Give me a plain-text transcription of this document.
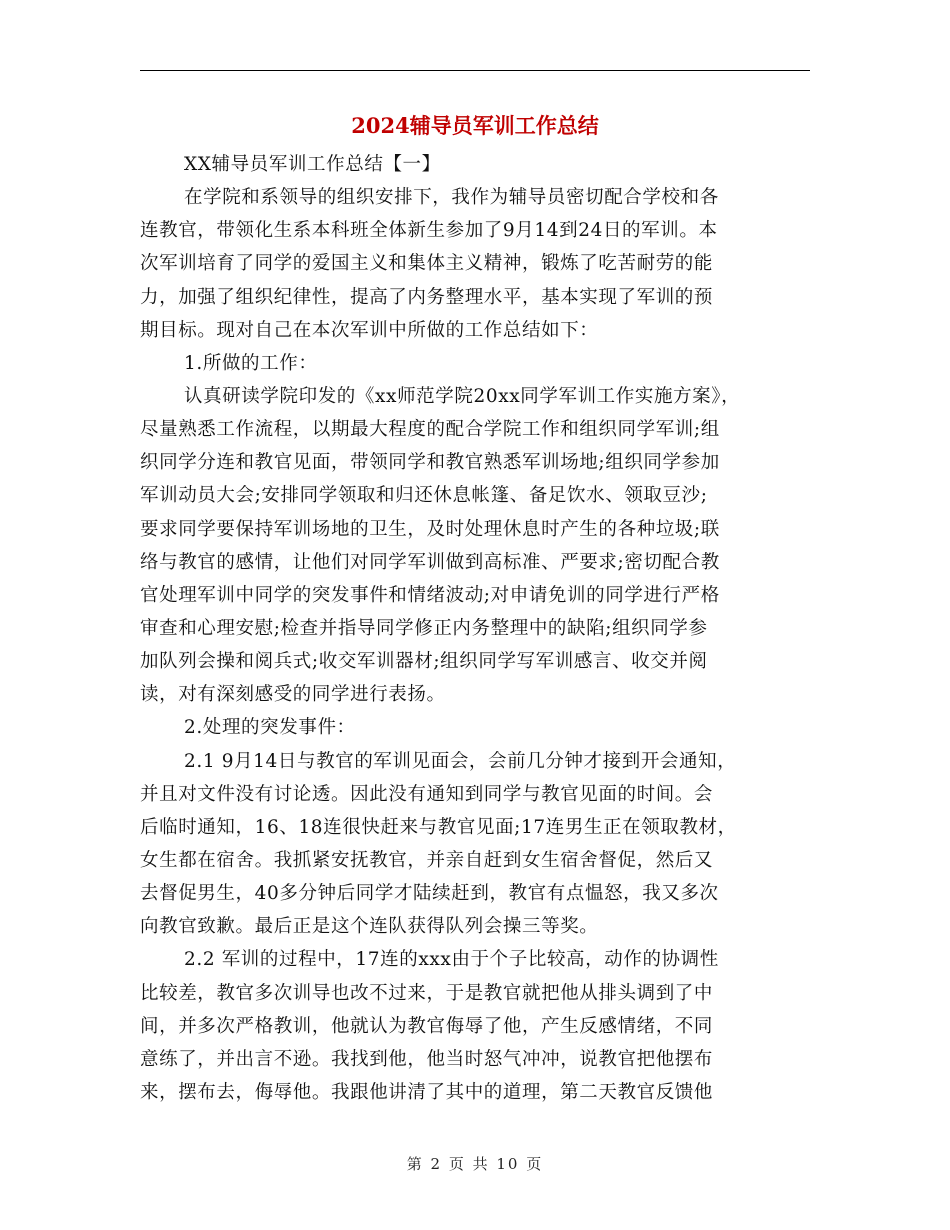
2024辅导员军训工作总结
XX辅导员军训工作总结【一】
在学院和系领导的组织安排下，我作为辅导员密切配合学校和各
连教官，带领化生系本科班全体新生参加了9月14到24日的军训。本
次军训培育了同学的爱国主义和集体主义精神，锻炼了吃苦耐劳的能
力，加强了组织纪律性，提高了内务整理水平，基本实现了军训的预
期目标。现对自己在本次军训中所做的工作总结如下：
1.所做的工作：
认真研读学院印发的《xx师范学院20xx同学军训工作实施方案》，
尽量熟悉工作流程，以期最大程度的配合学院工作和组织同学军训;组
织同学分连和教官见面，带领同学和教官熟悉军训场地;组织同学参加
军训动员大会;安排同学领取和归还休息帐篷、备足饮水、领取豆沙;
要求同学要保持军训场地的卫生，及时处理休息时产生的各种垃圾;联
络与教官的感情，让他们对同学军训做到高标准、严要求;密切配合教
官处理军训中同学的突发事件和情绪波动;对申请免训的同学进行严格
审查和心理安慰;检查并指导同学修正内务整理中的缺陷;组织同学参
加队列会操和阅兵式;收交军训器材;组织同学写军训感言、收交并阅
读，对有深刻感受的同学进行表扬。
2.处理的突发事件：
2.1 9月14日与教官的军训见面会，会前几分钟才接到开会通知，
并且对文件没有讨论透。因此没有通知到同学与教官见面的时间。会
后临时通知，16、18连很快赶来与教官见面;17连男生正在领取教材，
女生都在宿舍。我抓紧安抚教官，并亲自赶到女生宿舍督促，然后又
去督促男生，40多分钟后同学才陆续赶到，教官有点愠怒，我又多次
向教官致歉。最后正是这个连队获得队列会操三等奖。
2.2 军训的过程中，17连的xxx由于个子比较高，动作的协调性
比较差，教官多次训导也改不过来，于是教官就把他从排头调到了中
间，并多次严格教训，他就认为教官侮辱了他，产生反感情绪，不同
意练了，并出言不逊。我找到他，他当时怒气冲冲，说教官把他摆布
来，摆布去，侮辱他。我跟他讲清了其中的道理，第二天教官反馈他
第 2 页 共 10 页
